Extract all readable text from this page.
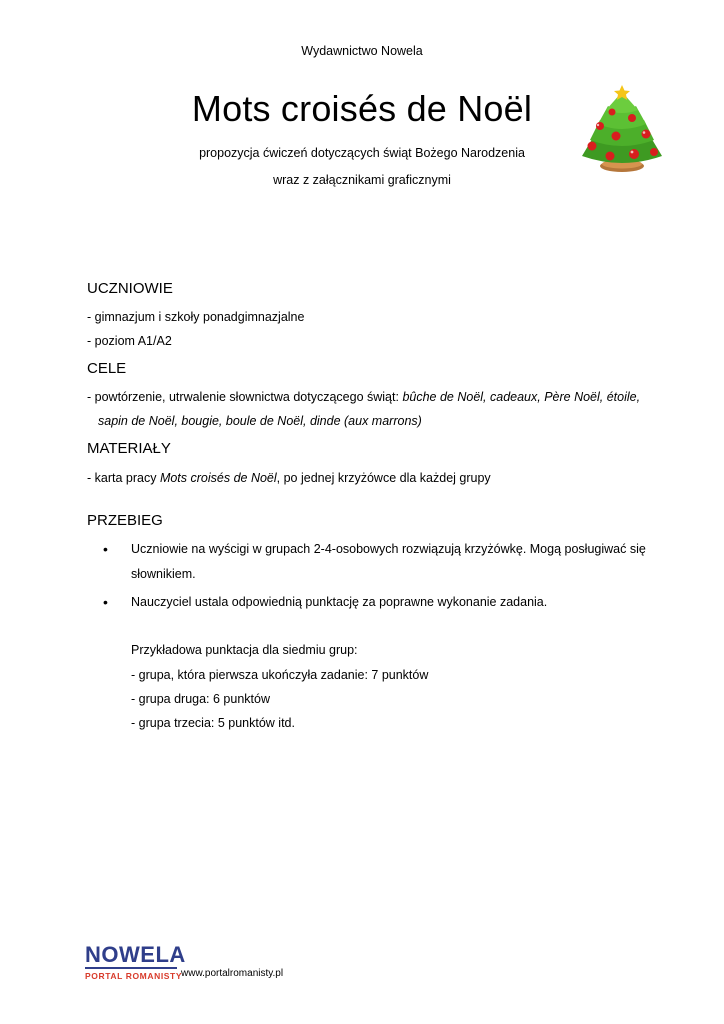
Wydawnictwo Nowela
Mots croisés de Noël
propozycja ćwiczeń dotyczących świąt Bożego Narodzenia
wraz z załącznikami graficznymi
UCZNIOWIE
- gimnazjum i szkoły ponadgimnazjalne
- poziom A1/A2
CELE
- powtórzenie, utrwalenie słownictwa dotyczącego świąt: bûche de Noël, cadeaux, Père Noël, étoile,
sapin de Noël, bougie, boule de Noël, dinde (aux marrons)
MATERIAŁY
- karta pracy Mots croisés de Noël, po jednej krzyżówce dla każdej grupy
PRZEBIEG
• Uczniowie na wyścigi w grupach 2-4-osobowych rozwiązują krzyżówkę. Mogą posługiwać się
słownikiem.
• Nauczyciel ustala odpowiednią punktację za poprawne wykonanie zadania.
Przykładowa punktacja dla siedmiu grup:
- grupa, która pierwsza ukończyła zadanie: 7 punktów
- grupa druga: 6 punktów
- grupa trzecia: 5 punktów itd.
NOWELA
PORTAL ROMANISTY
www.portalromanisty.pl
